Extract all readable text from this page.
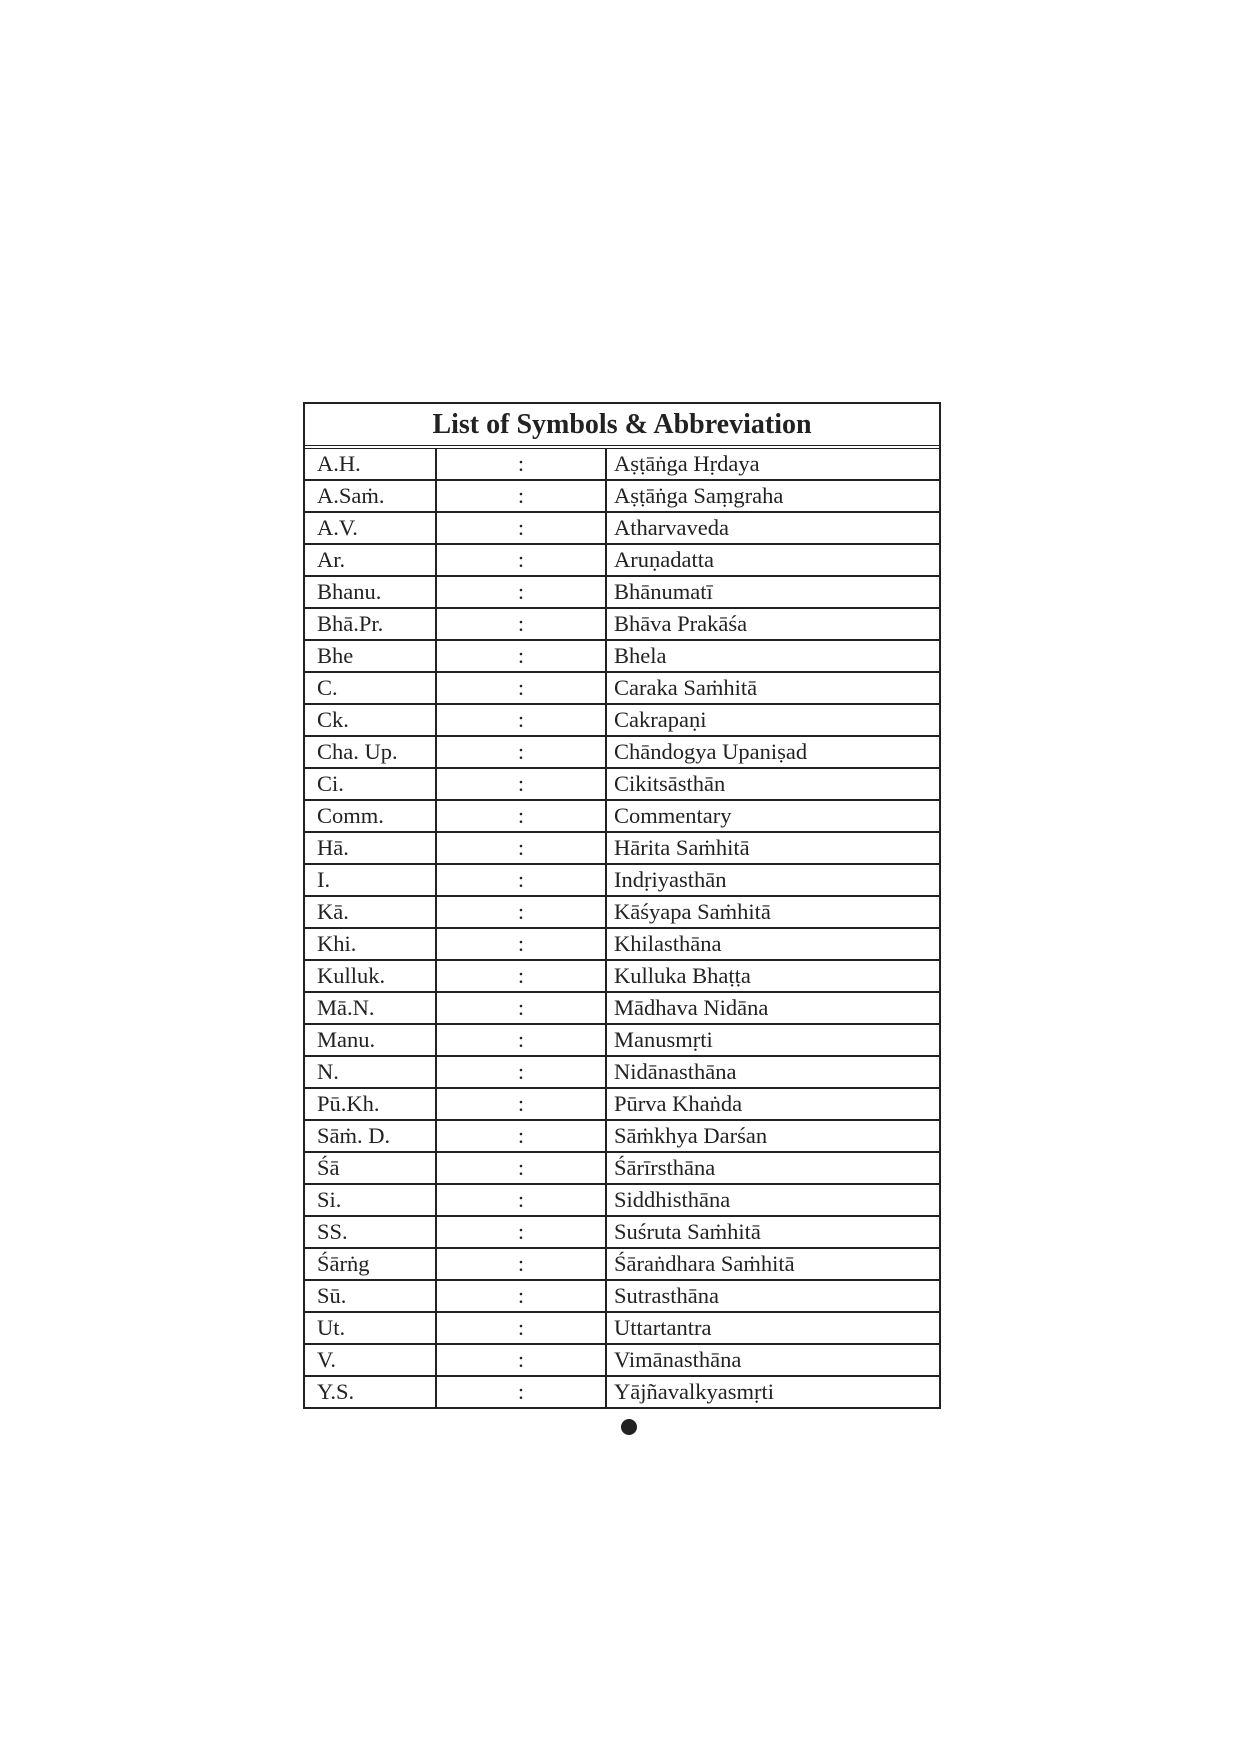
List of Symbols & Abbreviation
A.H.	:	Aṣṭāṅga Hṛdaya
A.Saṁ.	:	Aṣṭāṅga Saṃgraha
A.V.	:	Atharvaveda
Ar.	:	Aruṇadatta
Bhanu.	:	Bhānumatī
Bhā.Pr.	:	Bhāva Prakāśa
Bhe	:	Bhela
C.	:	Caraka Saṁhitā
Ck.	:	Cakrapaṇi
Cha. Up.	:	Chāndogya Upaniṣad
Ci.	:	Cikitsāsthān
Comm.	:	Commentary
Hā.	:	Hārita Saṁhitā
I.	:	Indṛiyasthān
Kā.	:	Kāśyapa Saṁhitā
Khi.	:	Khilasthāna
Kulluk.	:	Kulluka Bhaṭṭa
Mā.N.	:	Mādhava Nidāna
Manu.	:	Manusmṛti
N.	:	Nidānasthāna
Pū.Kh.	:	Pūrva Khaṅda
Sāṁ. D.	:	Sāṁkhya Darśan
Śā	:	Śārīrsthāna
Si.	:	Siddhisthāna
SS.	:	Suśruta Saṁhitā
Śārṅg	:	Śāraṅdhara Saṁhitā
Sū.	:	Sutrasthāna
Ut.	:	Uttartantra
V.	:	Vimānasthāna
Y.S.	:	Yājñavalkyasmṛti
